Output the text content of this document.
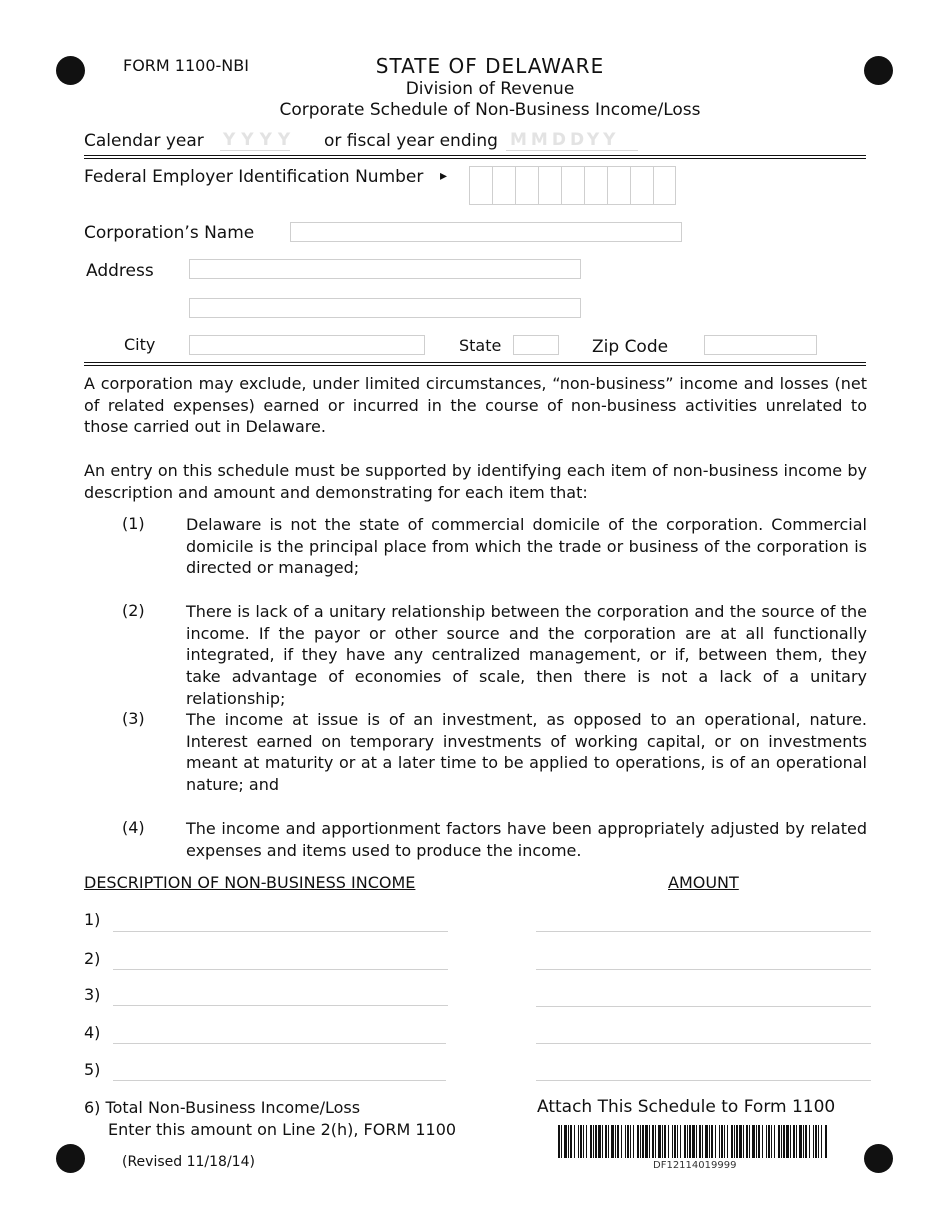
FORM 1100-NBI	STATE OF DELAWARE
Division of Revenue
Corporate Schedule of Non-Business Income/Loss
Calendar year YYYY or fiscal year ending MMDDYY
Federal Employer Identification Number ▸
Corporation’s Name
Address
City	State	Zip Code
A corporation may exclude, under limited circumstances, “non-business” income and losses (net of related expenses) earned or incurred in the course of non-business activities unrelated to those carried out in Delaware.
An entry on this schedule must be supported by identifying each item of non-business income by description and amount and demonstrating for each item that:
(1)	Delaware is not the state of commercial domicile of the corporation. Commercial domicile is the principal place from which the trade or business of the corporation is directed or managed;
(2)	There is lack of a unitary relationship between the corporation and the source of the income. If the payor or other source and the corporation are at all functionally integrated, if they have any centralized management, or if, between them, they take advantage of economies of scale, then there is not a lack of a unitary relationship;
(3)	The income at issue is of an investment, as opposed to an operational, nature. Interest earned on temporary investments of working capital, or on investments meant at maturity or at a later time to be applied to operations, is of an operational nature; and
(4)	The income and apportionment factors have been appropriately adjusted by related expenses and items used to produce the income.
DESCRIPTION OF NON-BUSINESS INCOME	AMOUNT
1)
2)
3)
4)
5)
6) Total Non-Business Income/Loss
Enter this amount on Line 2(h), FORM 1100
Attach This Schedule to Form 1100
DF12114019999
(Revised 11/18/14)
